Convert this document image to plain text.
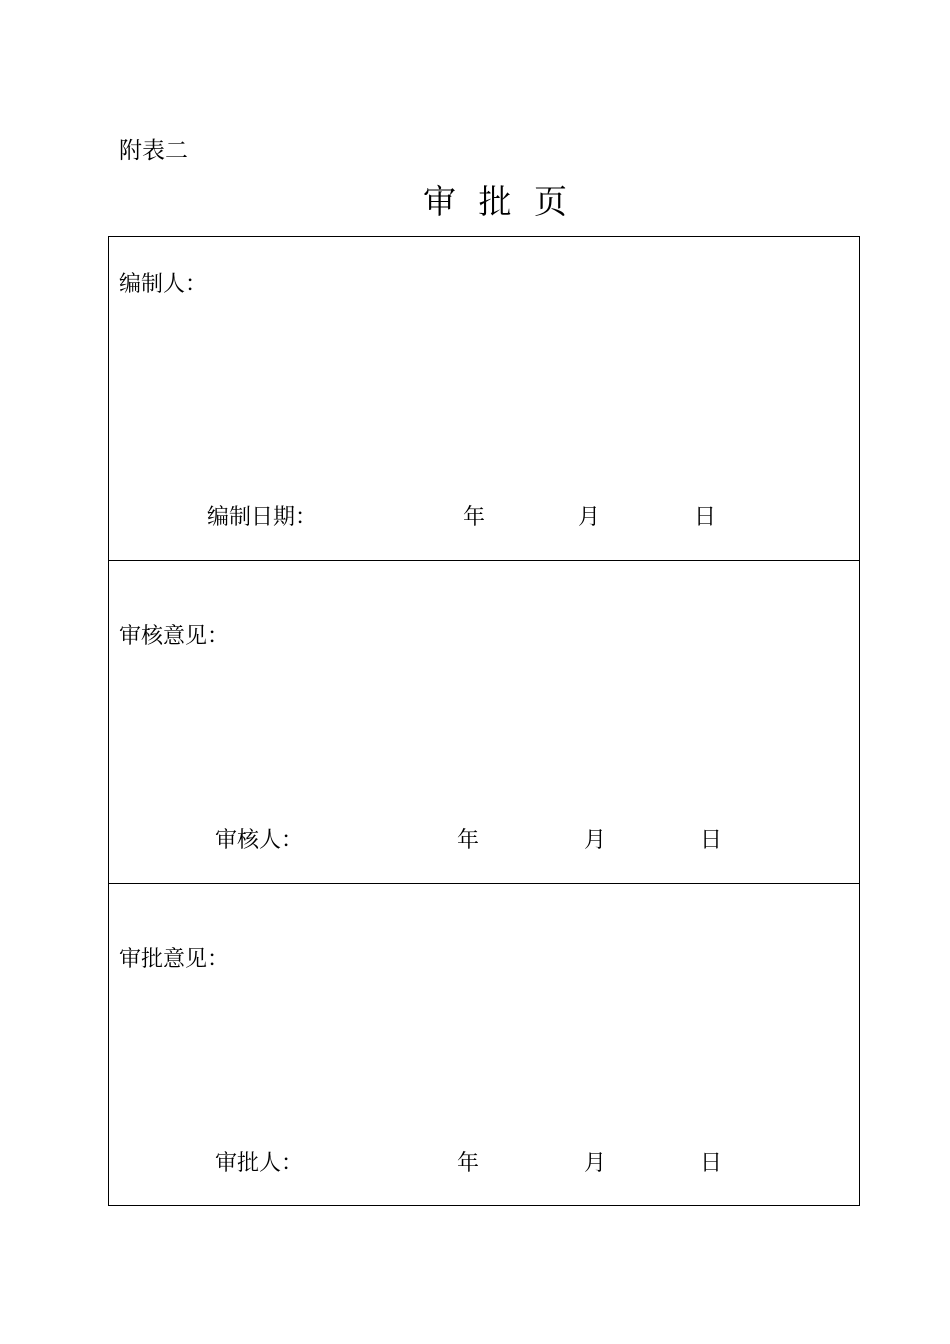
附表二
审 批 页
编制人：
编制日期：	年	月	日
审核意见：
审核人：	年	月	日
审批意见：
审批人：	年	月	日
